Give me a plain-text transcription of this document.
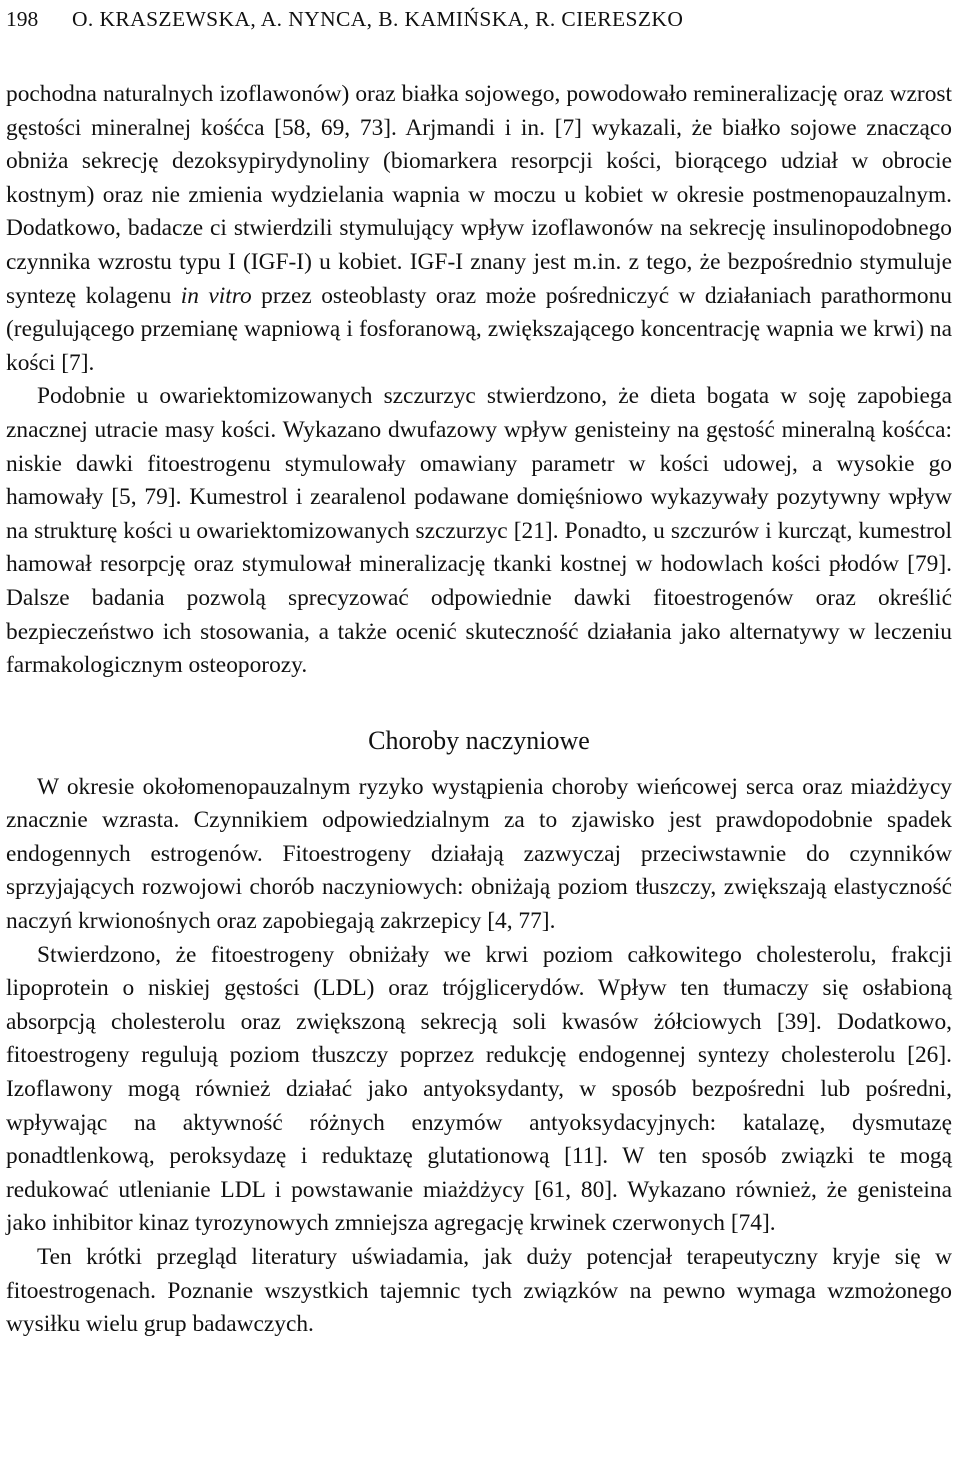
198 O. KRASZEWSKA, A. NYNCA, B. KAMIŃSKA, R. CIERESZKO

pochodna naturalnych izoflawonów) oraz białka sojowego, powodowało remineralizację oraz wzrost gęstości mineralnej kośćca [58, 69, 73]. Arjmandi i in. [7] wykazali, że białko sojowe znacząco obniża sekrecję dezoksypirydynoliny (biomarkera resorpcji kości, biorącego udział w obrocie kostnym) oraz nie zmienia wydzielania wapnia w moczu u kobiet w okresie postmenopauzalnym. Dodatkowo, badacze ci stwierdzili stymulujący wpływ izoflawonów na sekrecję insulinopodobnego czynnika wzrostu typu I (IGF-I) u kobiet. IGF-I znany jest m.in. z tego, że bezpośrednio stymuluje syntezę kolagenu in vitro przez osteoblasty oraz może pośredniczyć w działaniach parathormonu (regulującego przemianę wapniową i fosforanową, zwiększającego koncentrację wapnia we krwi) na kości [7].

Podobnie u owariektomizowanych szczurzyc stwierdzono, że dieta bogata w soję zapobiega znacznej utracie masy kości. Wykazano dwufazowy wpływ genisteiny na gęstość mineralną kośćca: niskie dawki fitoestrogenu stymulowały omawiany parametr w kości udowej, a wysokie go hamowały [5, 79]. Kumestrol i zearalenol podawane domięśniowo wykazywały pozytywny wpływ na strukturę kości u owariektomizowanych szczurzyc [21]. Ponadto, u szczurów i kurcząt, kumestrol hamował resorpcję oraz stymulował mineralizację tkanki kostnej w hodowlach kości płodów [79]. Dalsze badania pozwolą sprecyzować odpowiednie dawki fitoestrogenów oraz określić bezpieczeństwo ich stosowania, a także ocenić skuteczność działania jako alternatywy w leczeniu farmakologicznym osteoporozy.

Choroby naczyniowe

W okresie okołomenopauzalnym ryzyko wystąpienia choroby wieńcowej serca oraz miażdżycy znacznie wzrasta. Czynnikiem odpowiedzialnym za to zjawisko jest prawdopodobnie spadek endogennych estrogenów. Fitoestrogeny działają zazwyczaj przeciwstawnie do czynników sprzyjających rozwojowi chorób naczyniowych: obniżają poziom tłuszczy, zwiększają elastyczność naczyń krwionośnych oraz zapobiegają zakrzepicy [4, 77].

Stwierdzono, że fitoestrogeny obniżały we krwi poziom całkowitego cholesterolu, frakcji lipoprotein o niskiej gęstości (LDL) oraz trójglicerydów. Wpływ ten tłumaczy się osłabioną absorpcją cholesterolu oraz zwiększoną sekrecją soli kwasów żółciowych [39]. Dodatkowo, fitoestrogeny regulują poziom tłuszczy poprzez redukcję endogennej syntezy cholesterolu [26]. Izoflawony mogą również działać jako antyoksydanty, w sposób bezpośredni lub pośredni, wpływając na aktywność różnych enzymów antyoksydacyjnych: katalazę, dysmutazę ponadtlenkową, peroksydazę i reduktazę glutationową [11]. W ten sposób związki te mogą redukować utlenianie LDL i powstawanie miażdżycy [61, 80]. Wykazano również, że genisteina jako inhibitor kinaz tyrozynowych zmniejsza agregację krwinek czerwonych [74].

Ten krótki przegląd literatury uświadamia, jak duży potencjał terapeutyczny kryje się w fitoestrogenach. Poznanie wszystkich tajemnic tych związków na pewno wymaga wzmożonego wysiłku wielu grup badawczych.
